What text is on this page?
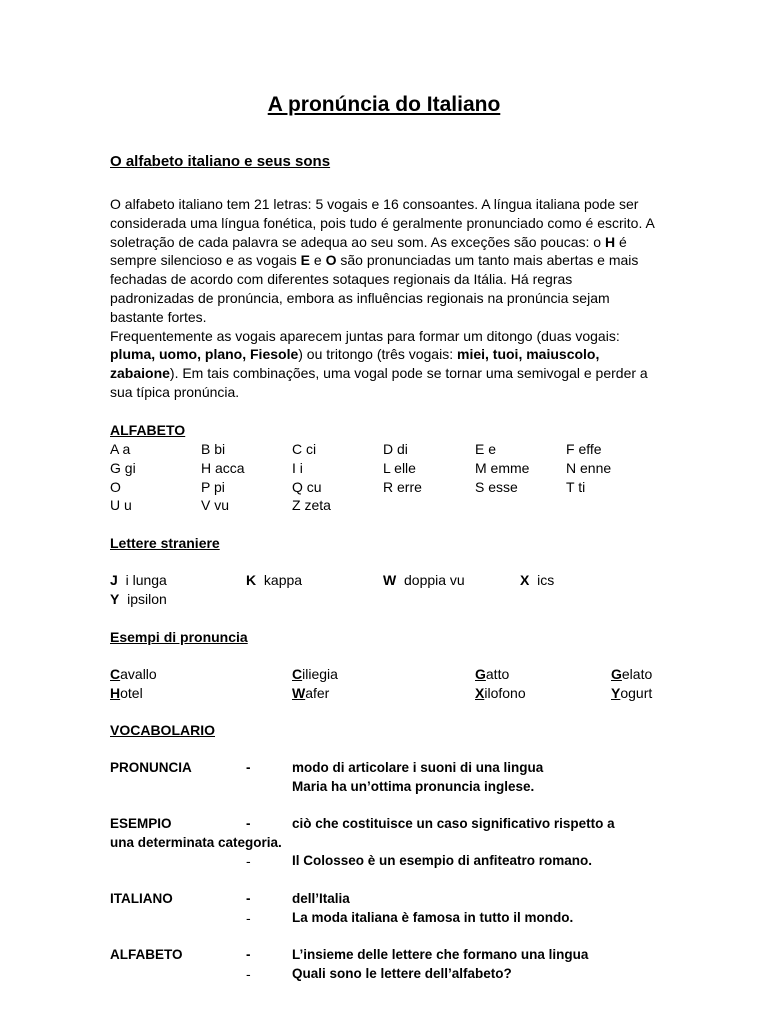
A pronúncia do Italiano
O alfabeto italiano e seus sons

O alfabeto italiano tem 21 letras: 5 vogais e 16 consoantes. A língua italiana pode ser considerada uma língua fonética, pois tudo é geralmente pronunciado como é escrito. A soletração de cada palavra se adequa ao seu som. As exceções são poucas: o H é sempre silencioso e as vogais E e O são pronunciadas um tanto mais abertas e mais fechadas de acordo com diferentes sotaques regionais da Itália. Há regras padronizadas de pronúncia, embora as influências regionais na pronúncia sejam bastante fortes.

Frequentemente as vogais aparecem juntas para formar um ditongo (duas vogais: pluma, uomo, plano, Fiesole) ou tritongo (três vogais: miei, tuoi, maiuscolo, zabaione). Em tais combinações, uma vogal pode se tornar uma semivogal e perder a sua típica pronúncia.

ALFABETO
A a	B bi	C ci	D di	E e	F effe
G gi	H acca	I i	L elle	M emme	N enne
O	P pi	Q cu	R erre	S esse	T ti
U u	V vu	Z zeta
Lettere straniere
J i lunga	K kappa	W doppia vu	X ics
Y ipsilon
Esempi di pronuncia
Cavallo	Ciliegia	Gatto	Gelato
Hotel	Wafer	Xilofono	Yogurt
VOCABOLARIO
PRONUNCIA	-	modo di articolare i suoni di una lingua
Maria ha un’ottima pronuncia inglese.
ESEMPIO	-	ciò che costituisce un caso significativo rispetto a
una determinata categoria.
-	Il Colosseo è un esempio di anfiteatro romano.
ITALIANO	-	dell’Italia
-	La moda italiana è famosa in tutto il mondo.
ALFABETO	-	L’insieme delle lettere che formano una lingua
-	Quali sono le lettere dell’alfabeto?
